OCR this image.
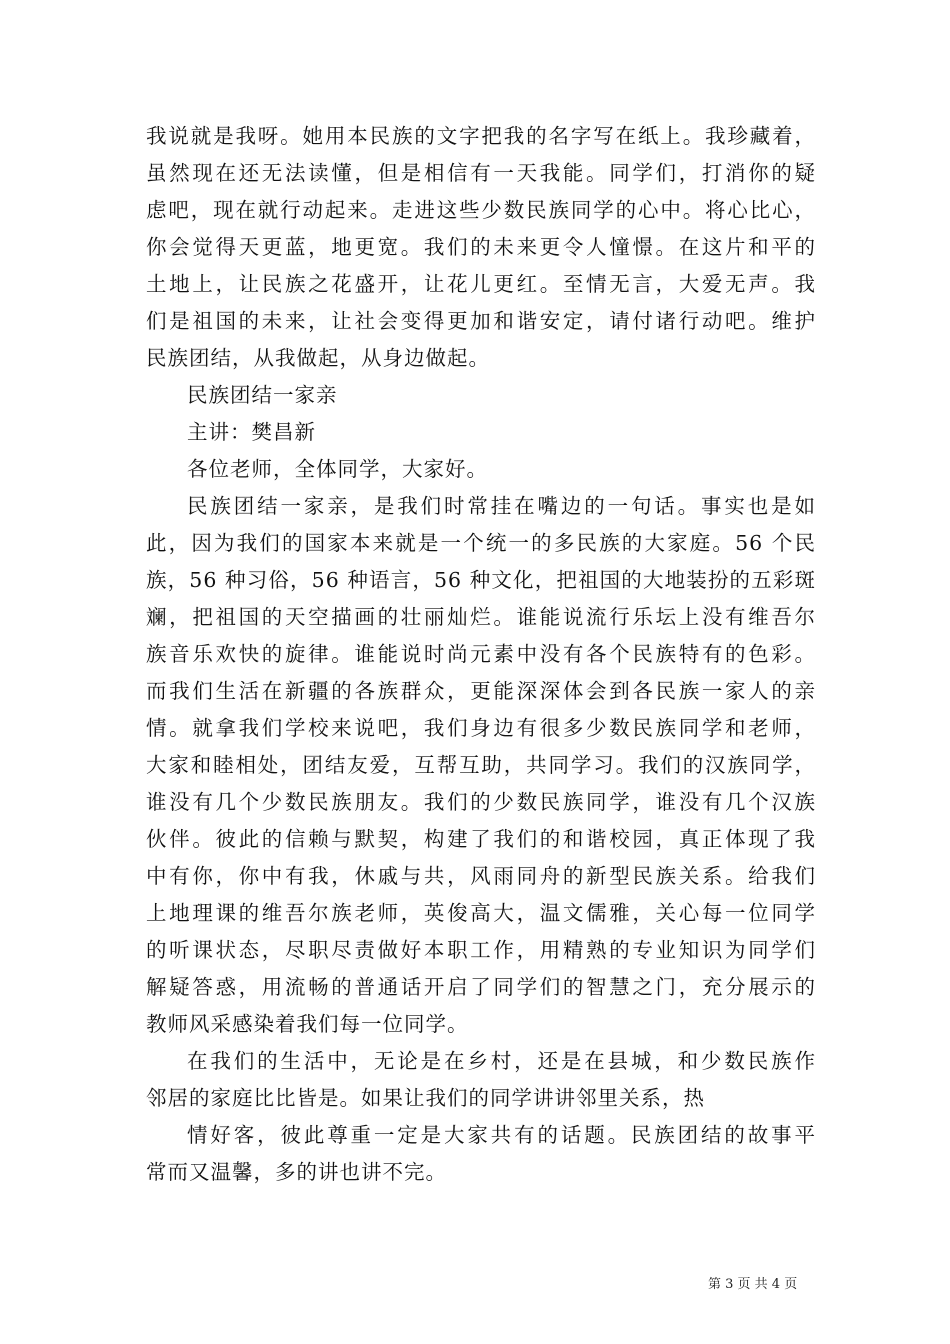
我说就是我呀。她用本民族的文字把我的名字写在纸上。我珍藏着，
虽然现在还无法读懂，但是相信有一天我能。同学们，打消你的疑
虑吧，现在就行动起来。走进这些少数民族同学的心中。将心比心，
你会觉得天更蓝，地更宽。我们的未来更令人憧憬。在这片和平的
土地上，让民族之花盛开，让花儿更红。至情无言，大爱无声。我
们是祖国的未来，让社会变得更加和谐安定，请付诸行动吧。维护
民族团结，从我做起，从身边做起。
民族团结一家亲
主讲：樊昌新
各位老师，全体同学，大家好。
民族团结一家亲，是我们时常挂在嘴边的一句话。事实也是如
此，因为我们的国家本来就是一个统一的多民族的大家庭。56 个民
族，56 种习俗，56 种语言，56 种文化，把祖国的大地装扮的五彩斑
斓，把祖国的天空描画的壮丽灿烂。谁能说流行乐坛上没有维吾尔
族音乐欢快的旋律。谁能说时尚元素中没有各个民族特有的色彩。
而我们生活在新疆的各族群众，更能深深体会到各民族一家人的亲
情。就拿我们学校来说吧，我们身边有很多少数民族同学和老师，
大家和睦相处，团结友爱，互帮互助，共同学习。我们的汉族同学，
谁没有几个少数民族朋友。我们的少数民族同学，谁没有几个汉族
伙伴。彼此的信赖与默契，构建了我们的和谐校园，真正体现了我
中有你，你中有我，休戚与共，风雨同舟的新型民族关系。给我们
上地理课的维吾尔族老师，英俊高大，温文儒雅，关心每一位同学
的听课状态，尽职尽责做好本职工作，用精熟的专业知识为同学们
解疑答惑，用流畅的普通话开启了同学们的智慧之门，充分展示的
教师风采感染着我们每一位同学。
在我们的生活中，无论是在乡村，还是在县城，和少数民族作
邻居的家庭比比皆是。如果让我们的同学讲讲邻里关系，热
情好客，彼此尊重一定是大家共有的话题。民族团结的故事平
常而又温馨，多的讲也讲不完。
第 3 页 共 4 页
